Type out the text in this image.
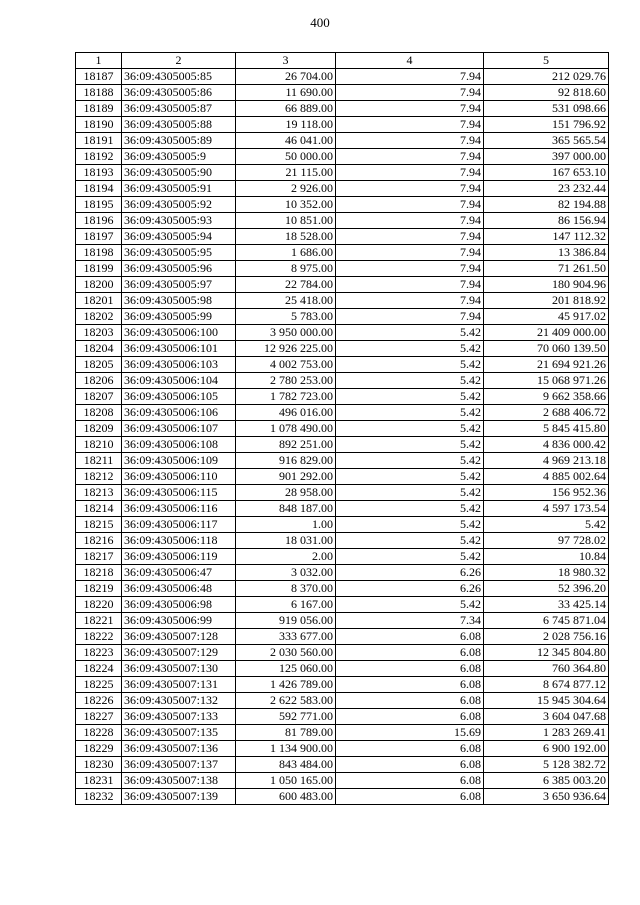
400
1	2	3	4	5
18187	36:09:4305005:85	26 704.00	7.94	212 029.76
18188	36:09:4305005:86	11 690.00	7.94	92 818.60
18189	36:09:4305005:87	66 889.00	7.94	531 098.66
18190	36:09:4305005:88	19 118.00	7.94	151 796.92
18191	36:09:4305005:89	46 041.00	7.94	365 565.54
18192	36:09:4305005:9	50 000.00	7.94	397 000.00
18193	36:09:4305005:90	21 115.00	7.94	167 653.10
18194	36:09:4305005:91	2 926.00	7.94	23 232.44
18195	36:09:4305005:92	10 352.00	7.94	82 194.88
18196	36:09:4305005:93	10 851.00	7.94	86 156.94
18197	36:09:4305005:94	18 528.00	7.94	147 112.32
18198	36:09:4305005:95	1 686.00	7.94	13 386.84
18199	36:09:4305005:96	8 975.00	7.94	71 261.50
18200	36:09:4305005:97	22 784.00	7.94	180 904.96
18201	36:09:4305005:98	25 418.00	7.94	201 818.92
18202	36:09:4305005:99	5 783.00	7.94	45 917.02
18203	36:09:4305006:100	3 950 000.00	5.42	21 409 000.00
18204	36:09:4305006:101	12 926 225.00	5.42	70 060 139.50
18205	36:09:4305006:103	4 002 753.00	5.42	21 694 921.26
18206	36:09:4305006:104	2 780 253.00	5.42	15 068 971.26
18207	36:09:4305006:105	1 782 723.00	5.42	9 662 358.66
18208	36:09:4305006:106	496 016.00	5.42	2 688 406.72
18209	36:09:4305006:107	1 078 490.00	5.42	5 845 415.80
18210	36:09:4305006:108	892 251.00	5.42	4 836 000.42
18211	36:09:4305006:109	916 829.00	5.42	4 969 213.18
18212	36:09:4305006:110	901 292.00	5.42	4 885 002.64
18213	36:09:4305006:115	28 958.00	5.42	156 952.36
18214	36:09:4305006:116	848 187.00	5.42	4 597 173.54
18215	36:09:4305006:117	1.00	5.42	5.42
18216	36:09:4305006:118	18 031.00	5.42	97 728.02
18217	36:09:4305006:119	2.00	5.42	10.84
18218	36:09:4305006:47	3 032.00	6.26	18 980.32
18219	36:09:4305006:48	8 370.00	6.26	52 396.20
18220	36:09:4305006:98	6 167.00	5.42	33 425.14
18221	36:09:4305006:99	919 056.00	7.34	6 745 871.04
18222	36:09:4305007:128	333 677.00	6.08	2 028 756.16
18223	36:09:4305007:129	2 030 560.00	6.08	12 345 804.80
18224	36:09:4305007:130	125 060.00	6.08	760 364.80
18225	36:09:4305007:131	1 426 789.00	6.08	8 674 877.12
18226	36:09:4305007:132	2 622 583.00	6.08	15 945 304.64
18227	36:09:4305007:133	592 771.00	6.08	3 604 047.68
18228	36:09:4305007:135	81 789.00	15.69	1 283 269.41
18229	36:09:4305007:136	1 134 900.00	6.08	6 900 192.00
18230	36:09:4305007:137	843 484.00	6.08	5 128 382.72
18231	36:09:4305007:138	1 050 165.00	6.08	6 385 003.20
18232	36:09:4305007:139	600 483.00	6.08	3 650 936.64
